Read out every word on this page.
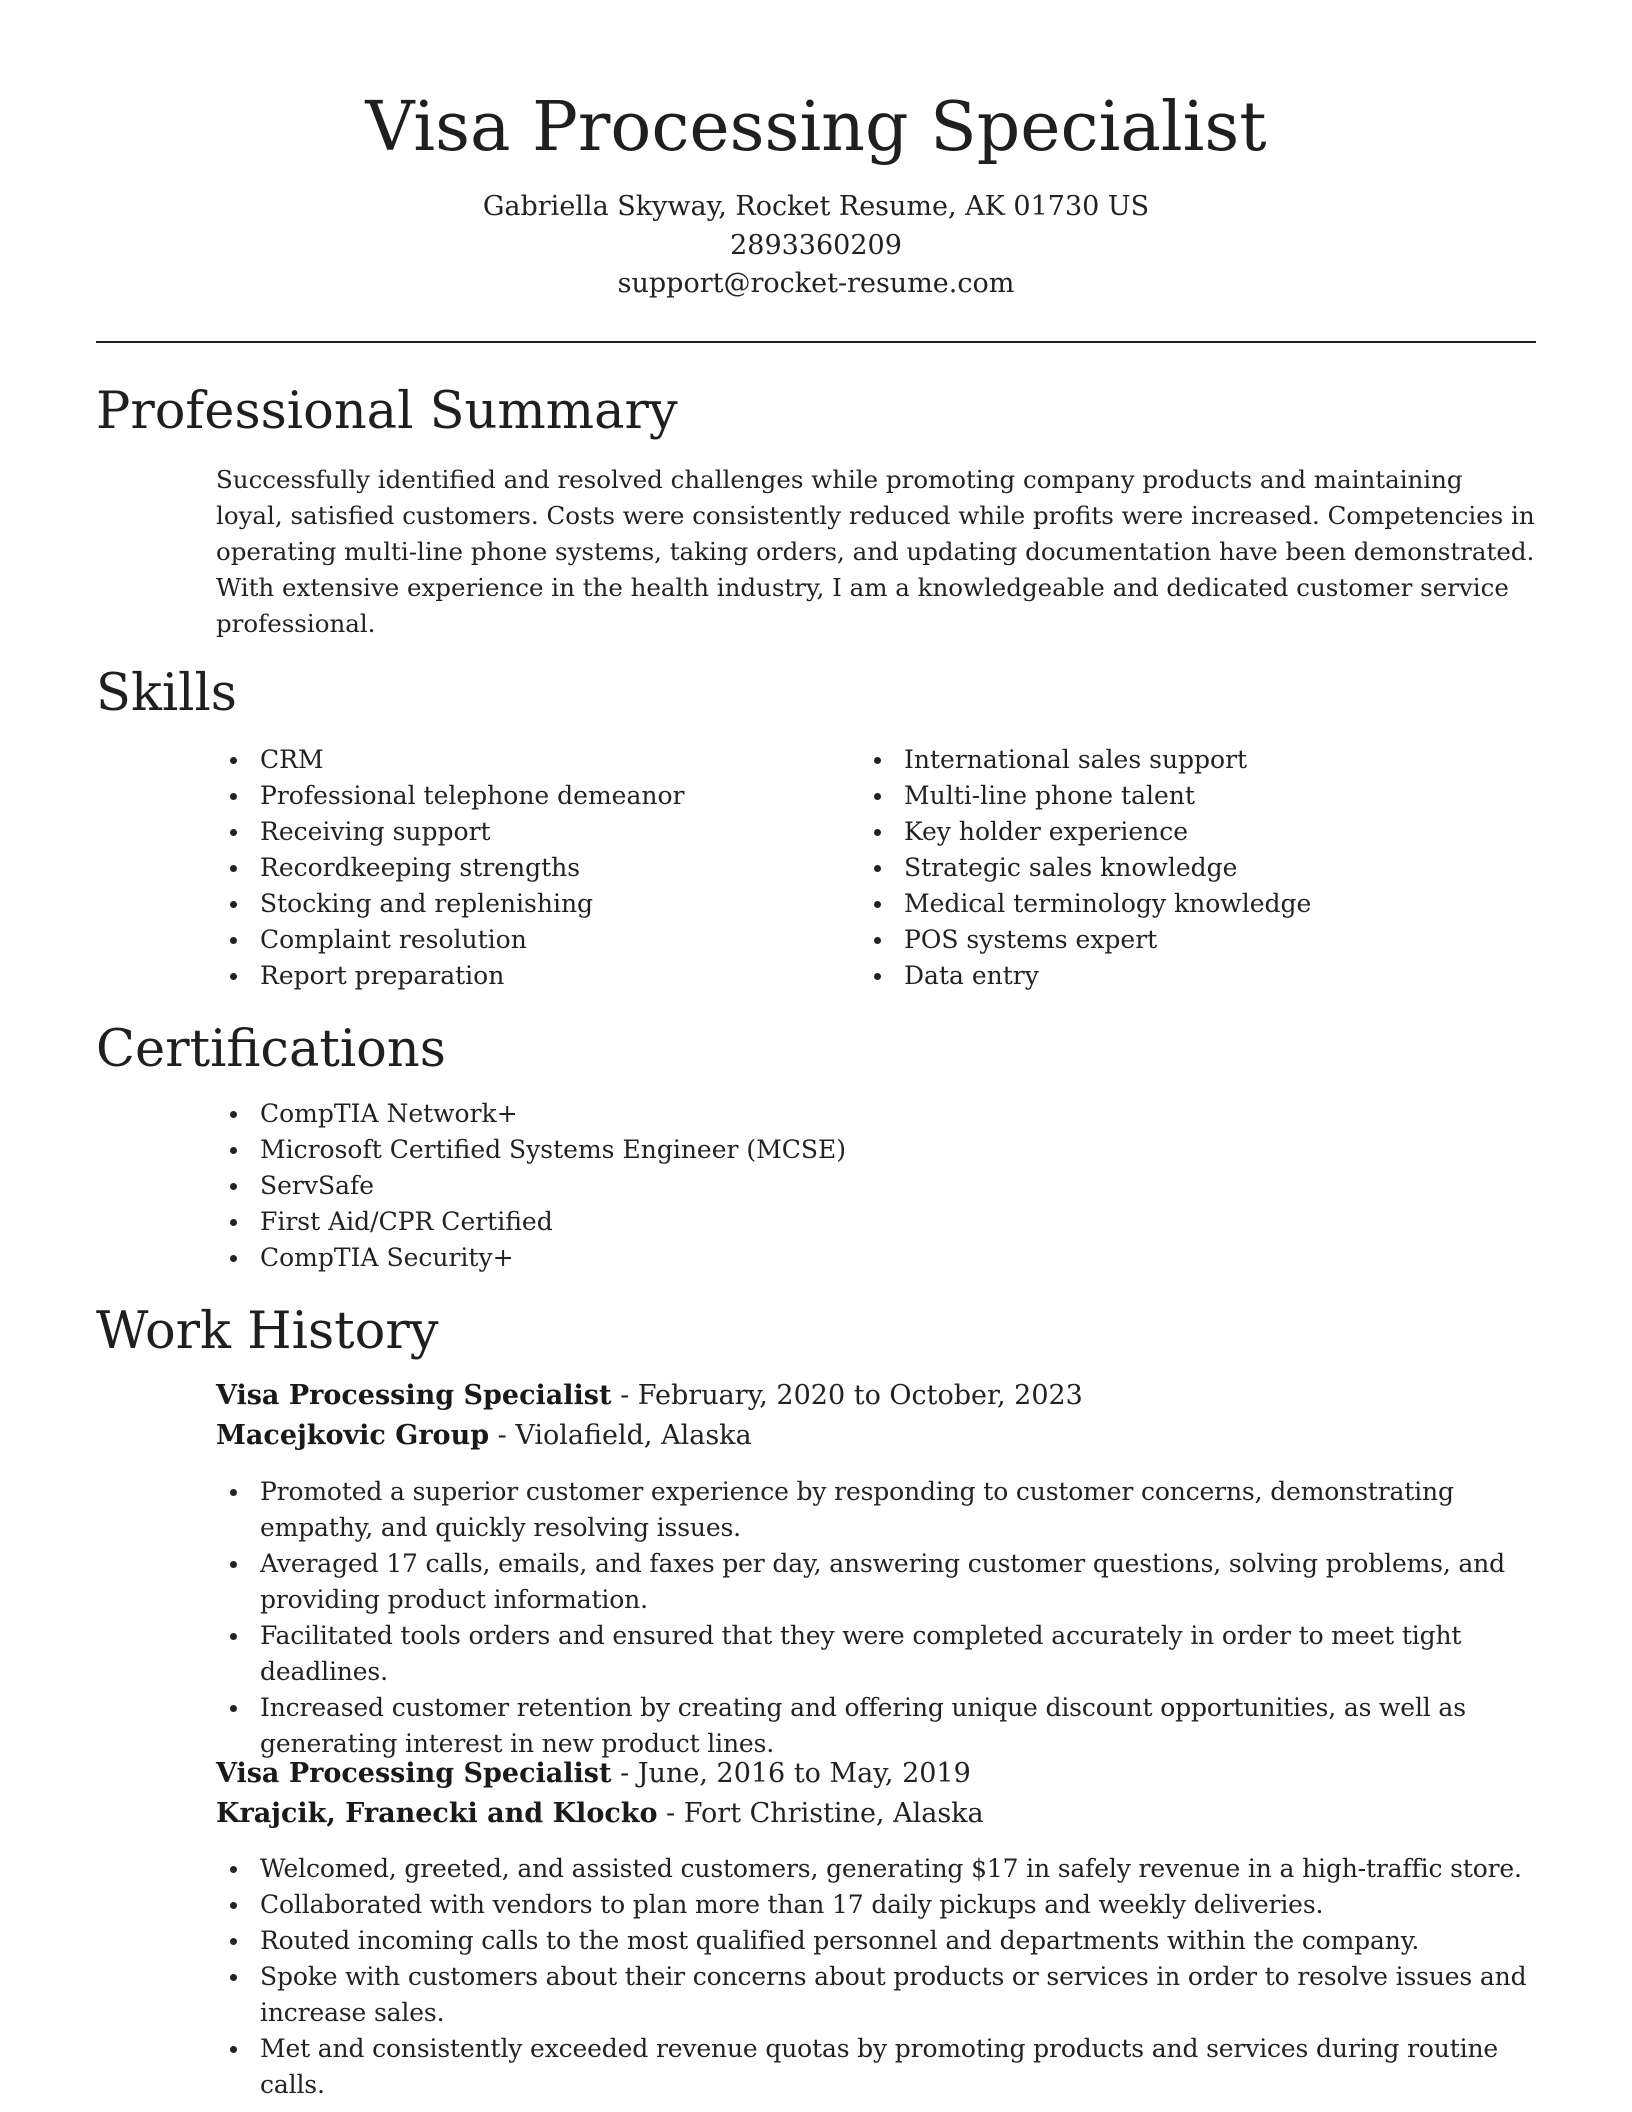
Visa Processing Specialist
Gabriella Skyway, Rocket Resume, AK 01730 US
2893360209
support@rocket-resume.com
Professional Summary

Successfully identified and resolved challenges while promoting company products and maintaining loyal, satisfied customers. Costs were consistently reduced while profits were increased. Competencies in operating multi-line phone systems, taking orders, and updating documentation have been demonstrated. With extensive experience in the health industry, I am a knowledgeable and dedicated customer service professional.

Skills
CRM
Professional telephone demeanor
Receiving support
Recordkeeping strengths
Stocking and replenishing
Complaint resolution
Report preparation
International sales support
Multi-line phone talent
Key holder experience
Strategic sales knowledge
Medical terminology knowledge
POS systems expert
Data entry
Certifications
CompTIA Network+
Microsoft Certified Systems Engineer (MCSE)
ServSafe
First Aid/CPR Certified
CompTIA Security+
Work History
Visa Processing Specialist - February, 2020 to October, 2023
Macejkovic Group - Violafield, Alaska
Promoted a superior customer experience by responding to customer concerns, demonstrating empathy, and quickly resolving issues.
Averaged 17 calls, emails, and faxes per day, answering customer questions, solving problems, and providing product information.
Facilitated tools orders and ensured that they were completed accurately in order to meet tight deadlines.
Increased customer retention by creating and offering unique discount opportunities, as well as generating interest in new product lines.
Visa Processing Specialist - June, 2016 to May, 2019
Krajcik, Franecki and Klocko - Fort Christine, Alaska
Welcomed, greeted, and assisted customers, generating $17 in safely revenue in a high-traffic store.
Collaborated with vendors to plan more than 17 daily pickups and weekly deliveries.
Routed incoming calls to the most qualified personnel and departments within the company.
Spoke with customers about their concerns about products or services in order to resolve issues and increase sales.
Met and consistently exceeded revenue quotas by promoting products and services during routine calls.
